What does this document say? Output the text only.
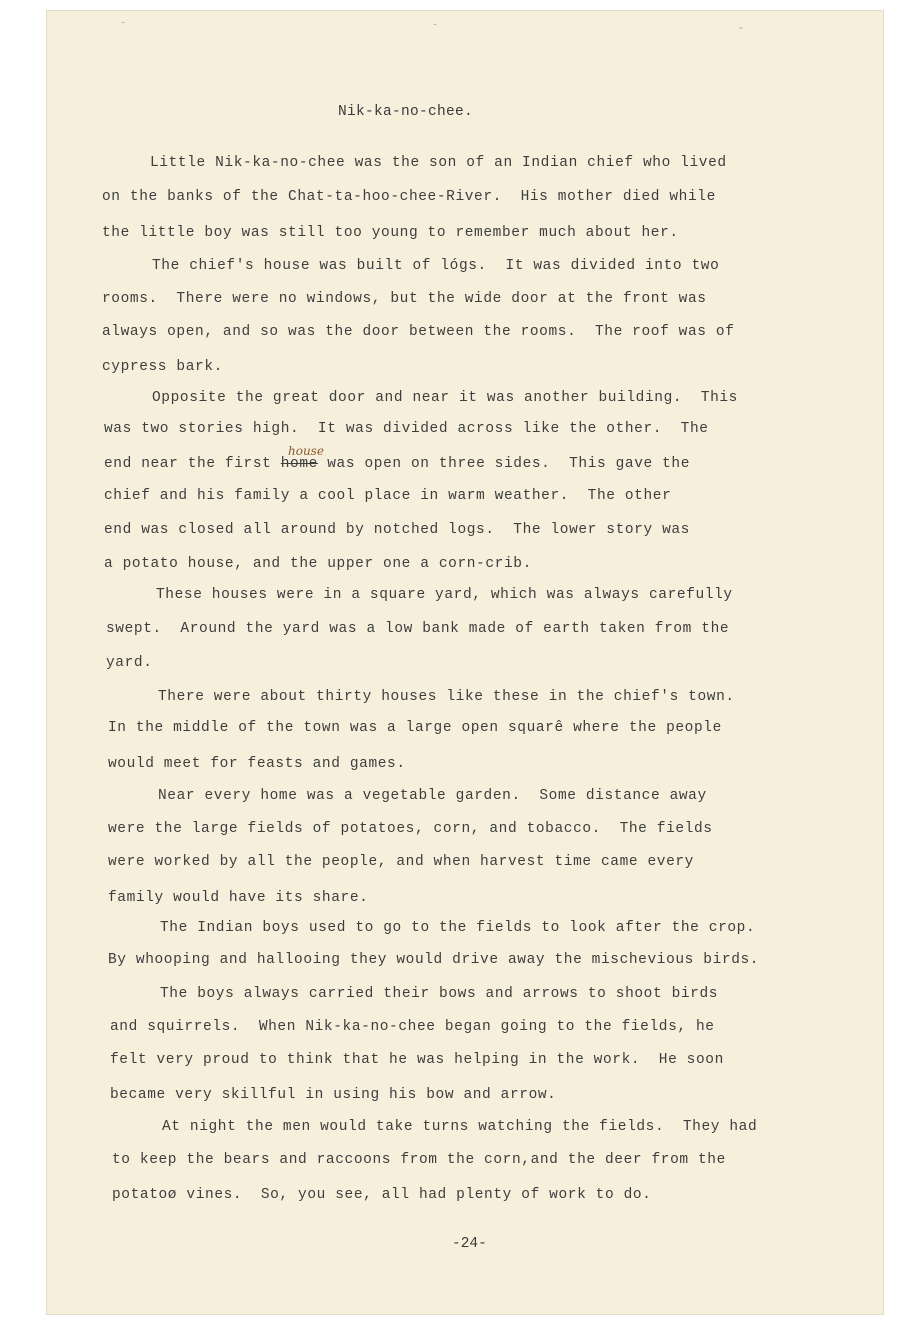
˘	˘	-
Nik-ka-no-chee.
Little Nik-ka-no-chee was the son of an Indian chief who lived
on the banks of the Chat-ta-hoo-chee-River.  His mother died while
the little boy was still too young to remember much about her.
The chief's house was built of lógs.  It was divided into two
rooms.  There were no windows, but the wide door at the front was
always open, and so was the door between the rooms.  The roof was of
cypress bark.
Opposite the great door and near it was another building.  This
was two stories high.  It was divided across like the other.  The
end near the first home was open on three sides.  This gave the
house
chief and his family a cool place in warm weather.  The other
end was closed all around by notched logs.  The lower story was
a potato house, and the upper one a corn-crib.
These houses were in a square yard, which was always carefully
swept.  Around the yard was a low bank made of earth taken from the
yard.
There were about thirty houses like these in the chief's town.
In the middle of the town was a large open squarê where the people
would meet for feasts and games.
Near every home was a vegetable garden.  Some distance away
were the large fields of potatoes, corn, and tobacco.  The fields
were worked by all the people, and when harvest time came every
family would have its share.
The Indian boys used to go to the fields to look after the crop.
By whooping and hallooing they would drive away the mischevious birds.
The boys always carried their bows and arrows to shoot birds
and squirrels.  When Nik-ka-no-chee began going to the fields, he
felt very proud to think that he was helping in the work.  He soon
became very skillful in using his bow and arrow.
At night the men would take turns watching the fields.  They had
to keep the bears and raccoons from the corn,and the deer from the
potatoø vines.  So, you see, all had plenty of work to do.
-24-
